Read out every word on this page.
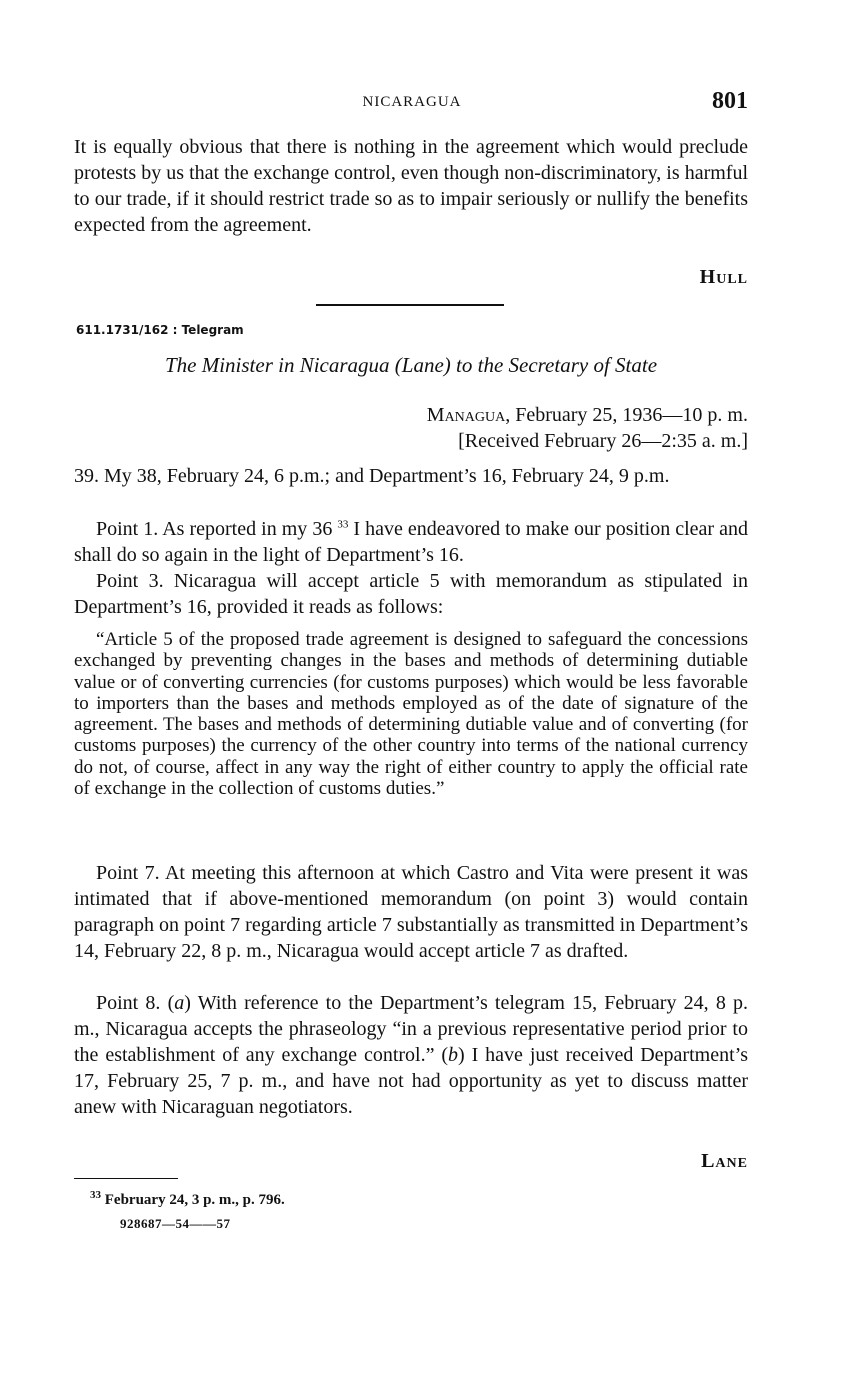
NICARAGUA	801

It is equally obvious that there is nothing in the agreement which would preclude protests by us that the exchange control, even though non-discriminatory, is harmful to our trade, if it should restrict trade so as to impair seriously or nullify the benefits expected from the agreement.

Hull
611.1731/162 : Telegram
The Minister in Nicaragua (Lane) to the Secretary of State
Managua, February 25, 1936—10 p. m.
[Received February 26—2:35 a. m.]

39. My 38, February 24, 6 p.m.; and Department’s 16, February 24, 9 p.m.

Point 1. As reported in my 36 $^{33}$ I have endeavored to make our position clear and shall do so again in the light of Department’s 16.

Point 3. Nicaragua will accept article 5 with memorandum as stipulated in Department’s 16, provided it reads as follows:

“Article 5 of the proposed trade agreement is designed to safeguard the concessions exchanged by preventing changes in the bases and methods of determining dutiable value or of converting currencies (for customs purposes) which would be less favorable to importers than the bases and methods employed as of the date of signature of the agreement. The bases and methods of determining dutiable value and of converting (for customs purposes) the currency of the other country into terms of the national currency do not, of course, affect in any way the right of either country to apply the official rate of exchange in the collection of customs duties.”

Point 7. At meeting this afternoon at which Castro and Vita were present it was intimated that if above-mentioned memorandum (on point 3) would contain paragraph on point 7 regarding article 7 substantially as transmitted in Department’s 14, February 22, 8 p. m., Nicaragua would accept article 7 as drafted.

Point 8. (a) With reference to the Department’s telegram 15, February 24, 8 p. m., Nicaragua accepts the phraseology “in a previous representative period prior to the establishment of any exchange control.” (b) I have just received Department’s 17, February 25, 7 p. m., and have not had opportunity as yet to discuss matter anew with Nicaraguan negotiators.

Lane
$^{33}$ February 24, 3 p. m., p. 796.
928687—54——57
